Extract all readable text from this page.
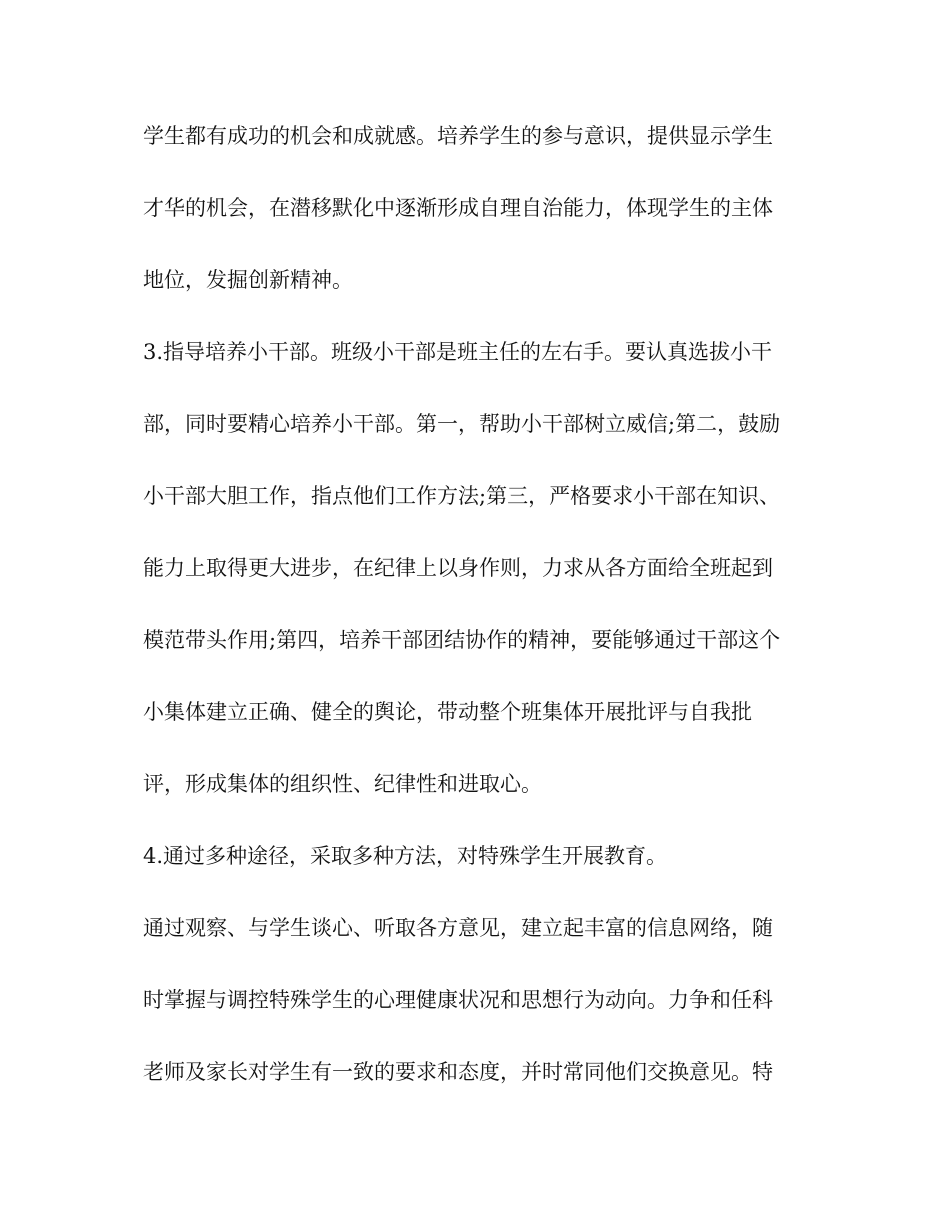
学生都有成功的机会和成就感。培养学生的参与意识，提供显示学生
才华的机会，在潜移默化中逐渐形成自理自治能力，体现学生的主体
地位，发掘创新精神。
3.指导培养小干部。班级小干部是班主任的左右手。要认真选拔小干
部，同时要精心培养小干部。第一，帮助小干部树立威信;第二，鼓励
小干部大胆工作，指点他们工作方法;第三，严格要求小干部在知识、
能力上取得更大进步，在纪律上以身作则，力求从各方面给全班起到
模范带头作用;第四，培养干部团结协作的精神，要能够通过干部这个
小集体建立正确、健全的舆论，带动整个班集体开展批评与自我批
评，形成集体的组织性、纪律性和进取心。
4.通过多种途径，采取多种方法，对特殊学生开展教育。
通过观察、与学生谈心、听取各方意见，建立起丰富的信息网络，随
时掌握与调控特殊学生的心理健康状况和思想行为动向。力争和任科
老师及家长对学生有一致的要求和态度，并时常同他们交换意见。特
